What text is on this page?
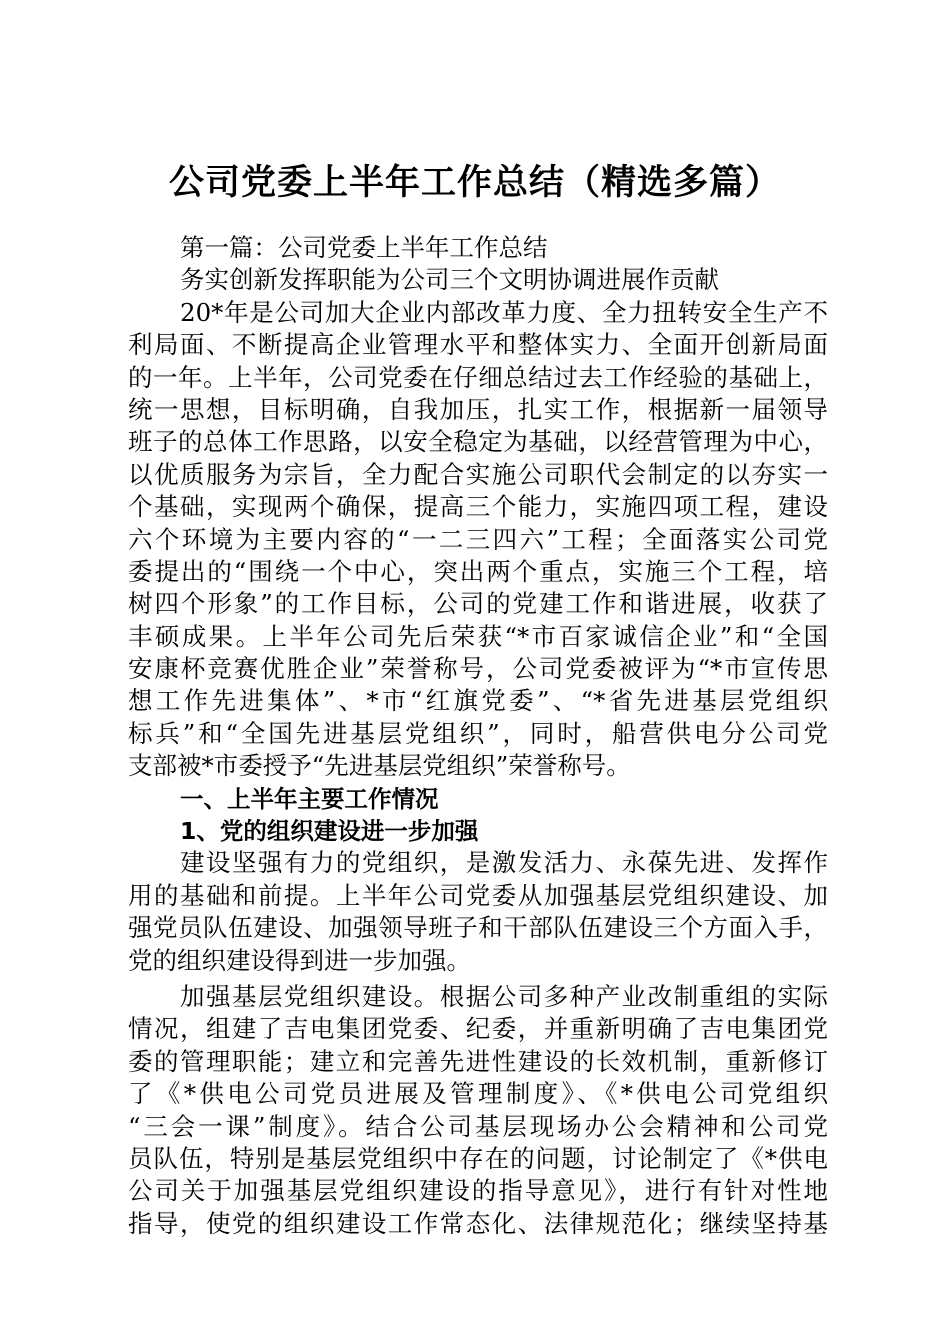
公司党委上半年工作总结（精选多篇）
第一篇：公司党委上半年工作总结
务实创新发挥职能为公司三个文明协调进展作贡献
20*年是公司加大企业内部改革力度、全力扭转安全生产不
利局面、不断提高企业管理水平和整体实力、全面开创新局面
的一年。上半年，公司党委在仔细总结过去工作经验的基础上，
统一思想，目标明确，自我加压，扎实工作，根据新一届领导
班子的总体工作思路，以安全稳定为基础，以经营管理为中心，
以优质服务为宗旨，全力配合实施公司职代会制定的以夯实一
个基础，实现两个确保，提高三个能力，实施四项工程，建设
六个环境为主要内容的“一二三四六”工程；全面落实公司党
委提出的“围绕一个中心，突出两个重点，实施三个工程，培
树四个形象”的工作目标，公司的党建工作和谐进展，收获了
丰硕成果。上半年公司先后荣获“*市百家诚信企业”和“全国
安康杯竞赛优胜企业”荣誉称号，公司党委被评为“*市宣传思
想工作先进集体”、*市“红旗党委”、“*省先进基层党组织
标兵”和“全国先进基层党组织”，同时，船营供电分公司党
支部被*市委授予“先进基层党组织”荣誉称号。
一、上半年主要工作情况
1、党的组织建设进一步加强
建设坚强有力的党组织，是激发活力、永葆先进、发挥作
用的基础和前提。上半年公司党委从加强基层党组织建设、加
强党员队伍建设、加强领导班子和干部队伍建设三个方面入手，
党的组织建设得到进一步加强。
加强基层党组织建设。根据公司多种产业改制重组的实际
情况，组建了吉电集团党委、纪委，并重新明确了吉电集团党
委的管理职能；建立和完善先进性建设的长效机制，重新修订
了《*供电公司党员进展及管理制度》、《*供电公司党组织
“三会一课”制度》。结合公司基层现场办公会精神和公司党
员队伍，特别是基层党组织中存在的问题，讨论制定了《*供电
公司关于加强基层党组织建设的指导意见》，进行有针对性地
指导，使党的组织建设工作常态化、法律规范化；继续坚持基
